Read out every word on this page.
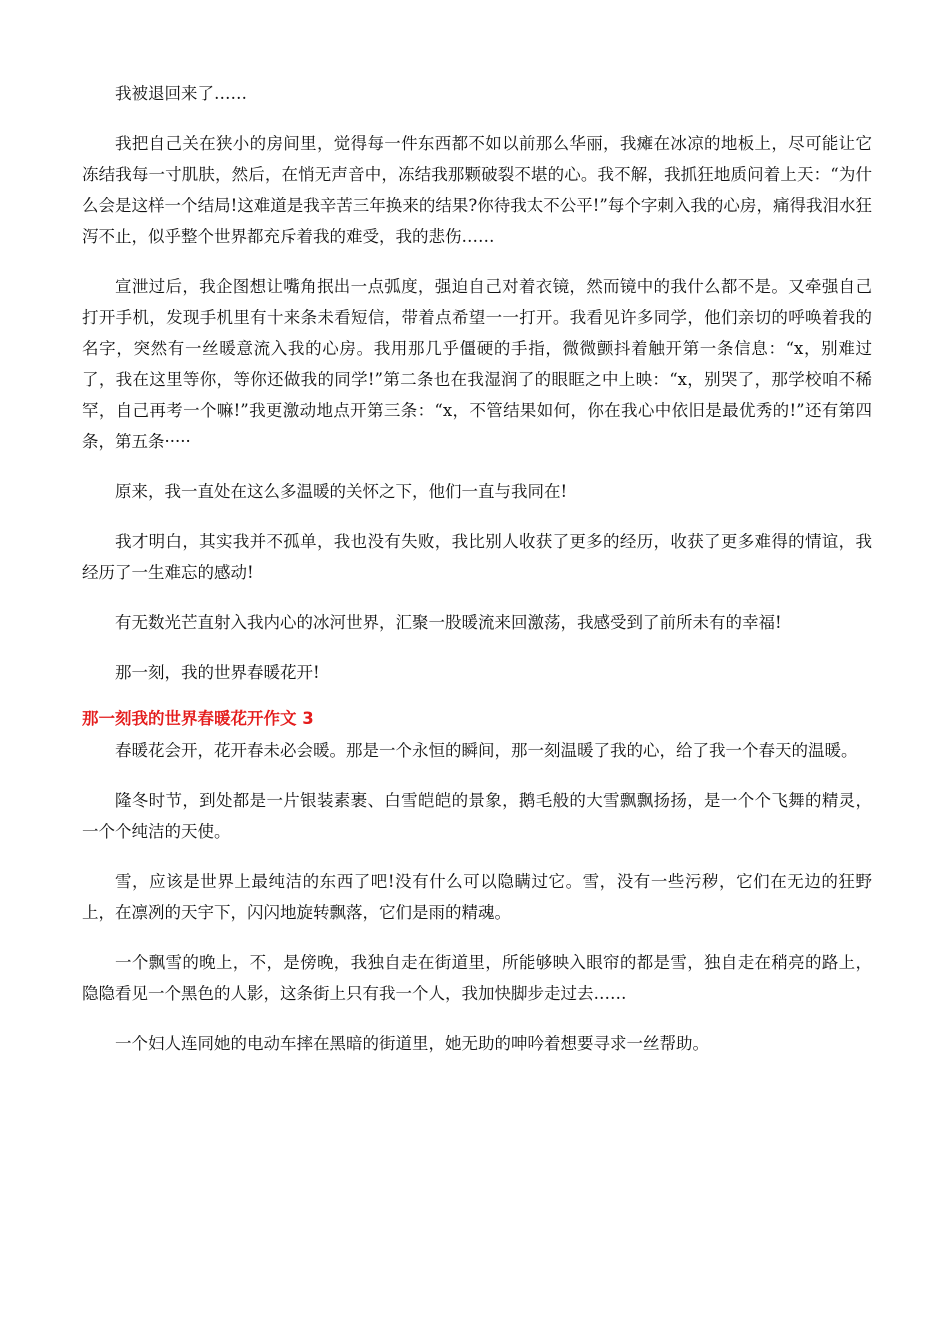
我被退回来了……

我把自己关在狭小的房间里，觉得每一件东西都不如以前那么华丽，我瘫在冰凉的地板上，尽可能让它冻结我每一寸肌肤，然后，在悄无声音中，冻结我那颗破裂不堪的心。我不解，我抓狂地质问着上天：“为什么会是这样一个结局!这难道是我辛苦三年换来的结果?你待我太不公平!”每个字刺入我的心房，痛得我泪水狂泻不止，似乎整个世界都充斥着我的难受，我的悲伤……

宣泄过后，我企图想让嘴角抿出一点弧度，强迫自己对着衣镜，然而镜中的我什么都不是。又牵强自己打开手机，发现手机里有十来条未看短信，带着点希望一一打开。我看见许多同学，他们亲切的呼唤着我的名字，突然有一丝暖意流入我的心房。我用那几乎僵硬的手指，微微颤抖着触开第一条信息：“x，别难过了，我在这里等你，等你还做我的同学!”第二条也在我湿润了的眼眶之中上映：“x，别哭了，那学校咱不稀罕，自己再考一个嘛!”我更激动地点开第三条：“x，不管结果如何，你在我心中依旧是最优秀的!”还有第四条，第五条·····

原来，我一直处在这么多温暖的关怀之下，他们一直与我同在!

我才明白，其实我并不孤单，我也没有失败，我比别人收获了更多的经历，收获了更多难得的情谊，我经历了一生难忘的感动!

有无数光芒直射入我内心的冰河世界，汇聚一股暖流来回激荡，我感受到了前所未有的幸福!

那一刻，我的世界春暖花开!

那一刻我的世界春暖花开作文 3

春暖花会开，花开春未必会暖。那是一个永恒的瞬间，那一刻温暖了我的心，给了我一个春天的温暖。

隆冬时节，到处都是一片银装素裹、白雪皑皑的景象，鹅毛般的大雪飘飘扬扬，是一个个飞舞的精灵，一个个纯洁的天使。

雪，应该是世界上最纯洁的东西了吧!没有什么可以隐瞒过它。雪，没有一些污秽，它们在无边的狂野上，在凛冽的天宇下，闪闪地旋转飘落，它们是雨的精魂。

一个飘雪的晚上，不，是傍晚，我独自走在街道里，所能够映入眼帘的都是雪，独自走在稍亮的路上，隐隐看见一个黑色的人影，这条街上只有我一个人，我加快脚步走过去……

一个妇人连同她的电动车摔在黑暗的街道里，她无助的呻吟着想要寻求一丝帮助。
